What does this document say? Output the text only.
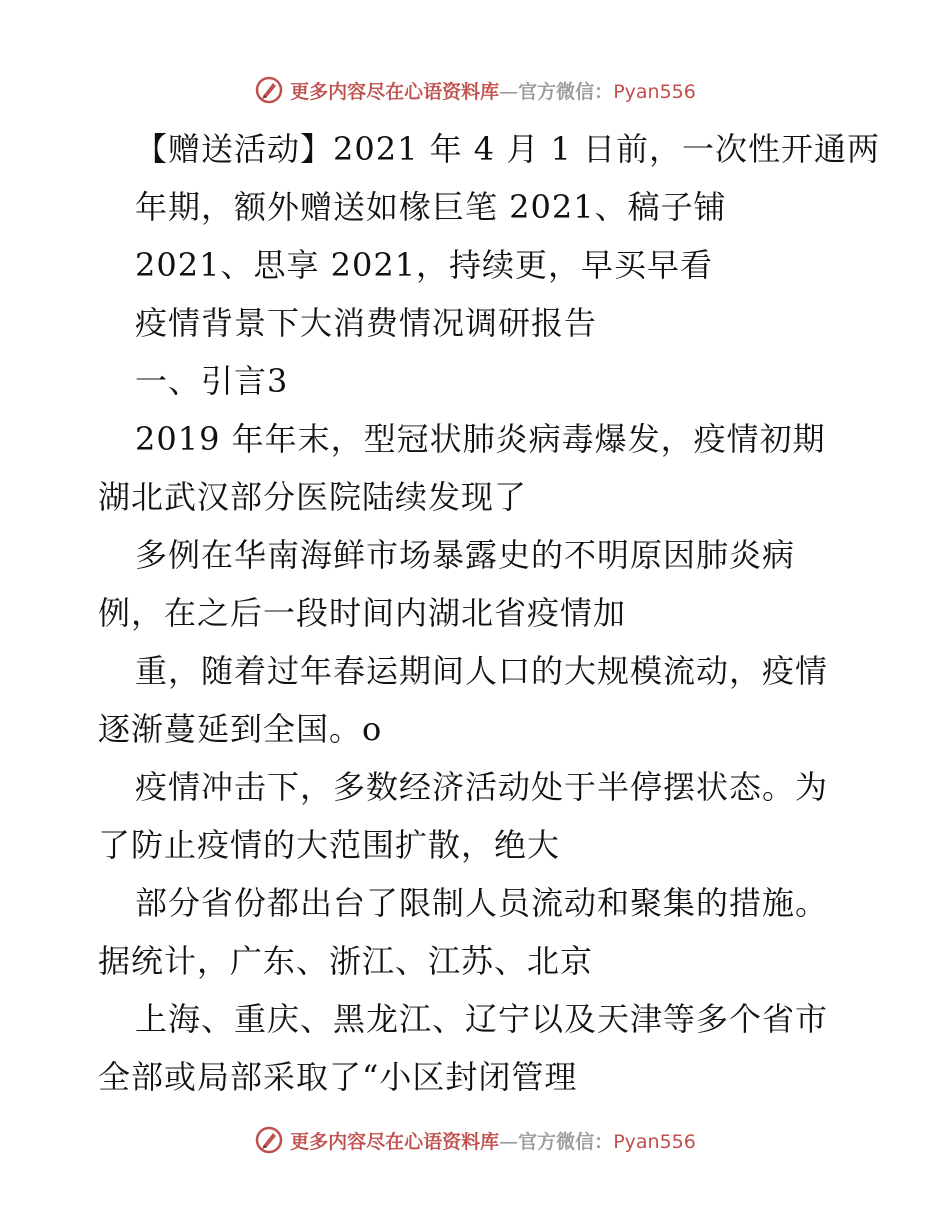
更多内容尽在心语资料库—官方微信：Pyan556
【赠送活动】2021 年 4 月 1 日前，一次性开通两
年期，额外赠送如椽巨笔 2021、稿子铺
2021、思享 2021，持续更，早买早看
疫情背景下大消费情况调研报告
一、引言3
2019 年年末，型冠状肺炎病毒爆发，疫情初期
湖北武汉部分医院陆续发现了
多例在华南海鲜市场暴露史的不明原因肺炎病
例，在之后一段时间内湖北省疫情加
重，随着过年春运期间人口的大规模流动，疫情
逐渐蔓延到全国。o
疫情冲击下，多数经济活动处于半停摆状态。为
了防止疫情的大范围扩散，绝大
部分省份都出台了限制人员流动和聚集的措施。
据统计，广东、浙江、江苏、北京
上海、重庆、黑龙江、辽宁以及天津等多个省市
全部或局部采取了“小区封闭管理
更多内容尽在心语资料库—官方微信：Pyan556
